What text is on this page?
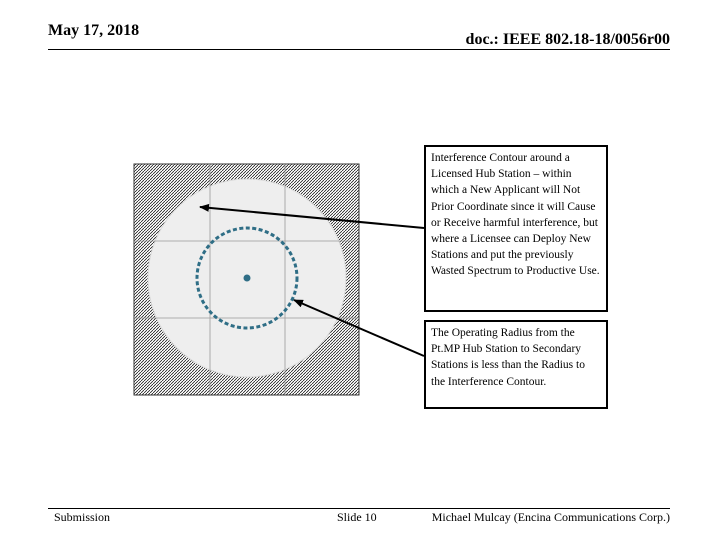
May 17, 2018
doc.: IEEE 802.18-18/0056r00
Interference Contour around a Licensed Hub Station – within which a New Applicant will Not Prior Coordinate since it will Cause or Receive harmful interference, but where a Licensee can Deploy New Stations and put the previously Wasted Spectrum to Productive Use.
The Operating Radius from the Pt.MP Hub Station to Secondary Stations is less than the Radius to the Interference Contour.
Submission	Slide 10	Michael Mulcay (Encina Communications Corp.)
